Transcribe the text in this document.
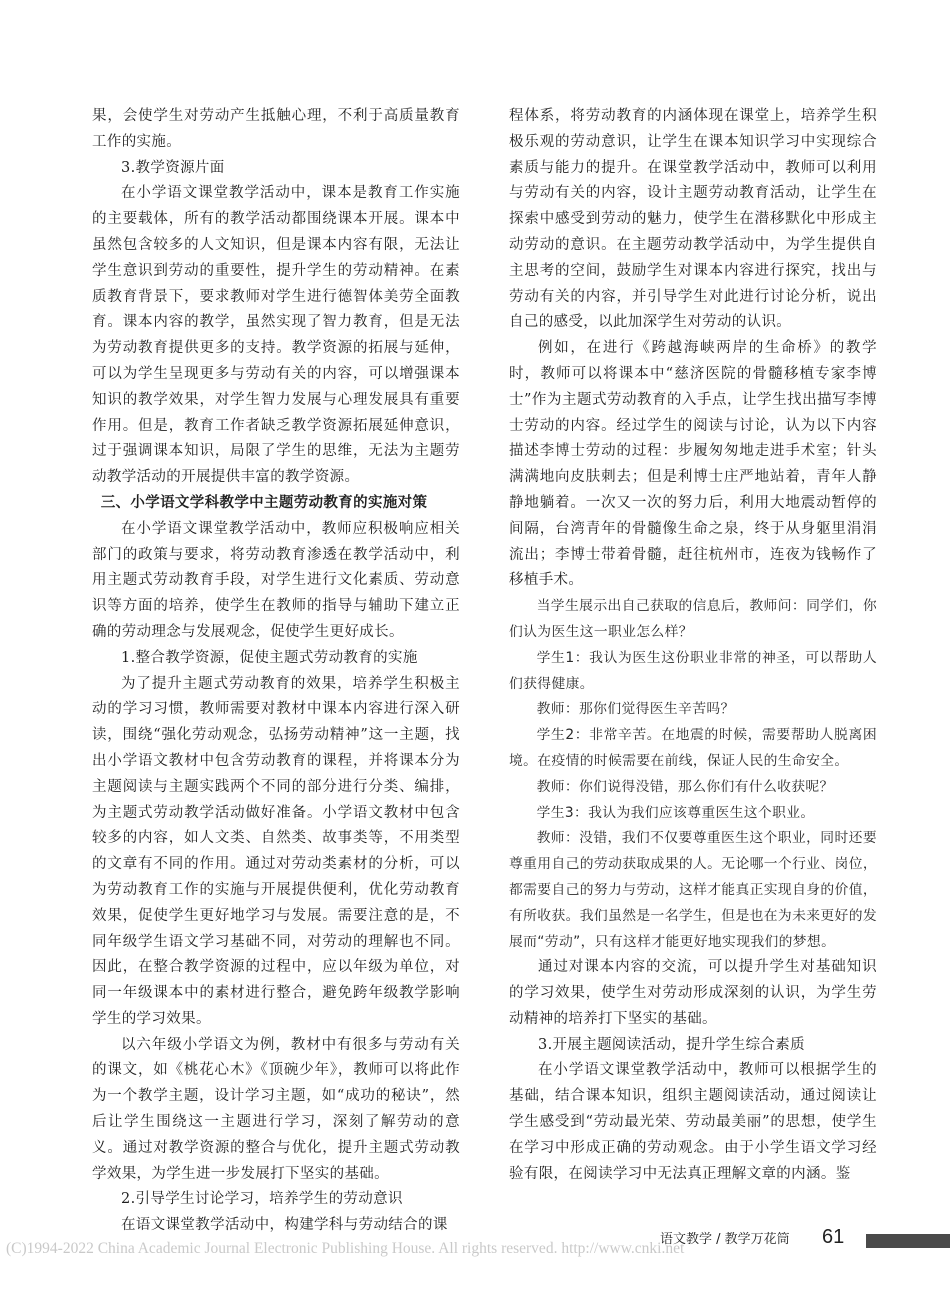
果，会使学生对劳动产生抵触心理，不利于高质量教育工作的实施。

3.教学资源片面

在小学语文课堂教学活动中，课本是教育工作实施的主要载体，所有的教学活动都围绕课本开展。课本中虽然包含较多的人文知识，但是课本内容有限，无法让学生意识到劳动的重要性，提升学生的劳动精神。在素质教育背景下，要求教师对学生进行德智体美劳全面教育。课本内容的教学，虽然实现了智力教育，但是无法为劳动教育提供更多的支持。教学资源的拓展与延伸，可以为学生呈现更多与劳动有关的内容，可以增强课本知识的教学效果，对学生智力发展与心理发展具有重要作用。但是，教育工作者缺乏教学资源拓展延伸意识，过于强调课本知识，局限了学生的思维，无法为主题劳动教学活动的开展提供丰富的教学资源。

三、小学语文学科教学中主题劳动教育的实施对策

在小学语文课堂教学活动中，教师应积极响应相关部门的政策与要求，将劳动教育渗透在教学活动中，利用主题式劳动教育手段，对学生进行文化素质、劳动意识等方面的培养，使学生在教师的指导与辅助下建立正确的劳动理念与发展观念，促使学生更好成长。

1.整合教学资源，促使主题式劳动教育的实施

为了提升主题式劳动教育的效果，培养学生积极主动的学习习惯，教师需要对教材中课本内容进行深入研读，围绕“强化劳动观念，弘扬劳动精神”这一主题，找出小学语文教材中包含劳动教育的课程，并将课本分为主题阅读与主题实践两个不同的部分进行分类、编排，为主题式劳动教学活动做好准备。小学语文教材中包含较多的内容，如人文类、自然类、故事类等，不用类型的文章有不同的作用。通过对劳动类素材的分析，可以为劳动教育工作的实施与开展提供便利，优化劳动教育效果，促使学生更好地学习与发展。需要注意的是，不同年级学生语文学习基础不同，对劳动的理解也不同。因此，在整合教学资源的过程中，应以年级为单位，对同一年级课本中的素材进行整合，避免跨年级教学影响学生的学习效果。

以六年级小学语文为例，教材中有很多与劳动有关的课文，如《桃花心木》《顶碗少年》，教师可以将此作为一个教学主题，设计学习主题，如“成功的秘诀”，然后让学生围绕这一主题进行学习，深刻了解劳动的意义。通过对教学资源的整合与优化，提升主题式劳动教学效果，为学生进一步发展打下坚实的基础。

2.引导学生讨论学习，培养学生的劳动意识

在语文课堂教学活动中，构建学科与劳动结合的课

程体系，将劳动教育的内涵体现在课堂上，培养学生积极乐观的劳动意识，让学生在课本知识学习中实现综合素质与能力的提升。在课堂教学活动中，教师可以利用与劳动有关的内容，设计主题劳动教育活动，让学生在探索中感受到劳动的魅力，使学生在潜移默化中形成主动劳动的意识。在主题劳动教学活动中，为学生提供自主思考的空间，鼓励学生对课本内容进行探究，找出与劳动有关的内容，并引导学生对此进行讨论分析，说出自己的感受，以此加深学生对劳动的认识。

例如，在进行《跨越海峡两岸的生命桥》的教学时，教师可以将课本中“慈济医院的骨髓移植专家李博士”作为主题式劳动教育的入手点，让学生找出描写李博士劳动的内容。经过学生的阅读与讨论，认为以下内容描述李博士劳动的过程：步履匆匆地走进手术室；针头满满地向皮肤刺去；但是利博士庄严地站着，青年人静静地躺着。一次又一次的努力后，利用大地震动暂停的间隔，台湾青年的骨髓像生命之泉，终于从身躯里涓涓流出；李博士带着骨髓，赶往杭州市，连夜为钱畅作了移植手术。

当学生展示出自己获取的信息后，教师问：同学们，你们认为医生这一职业怎么样？

学生1：我认为医生这份职业非常的神圣，可以帮助人们获得健康。

教师：那你们觉得医生辛苦吗？

学生2：非常辛苦。在地震的时候，需要帮助人脱离困境。在疫情的时候需要在前线，保证人民的生命安全。

教师：你们说得没错，那么你们有什么收获呢？

学生3：我认为我们应该尊重医生这个职业。

教师：没错，我们不仅要尊重医生这个职业，同时还要尊重用自己的劳动获取成果的人。无论哪一个行业、岗位，都需要自己的努力与劳动，这样才能真正实现自身的价值，有所收获。我们虽然是一名学生，但是也在为未来更好的发展而“劳动”，只有这样才能更好地实现我们的梦想。

通过对课本内容的交流，可以提升学生对基础知识的学习效果，使学生对劳动形成深刻的认识，为学生劳动精神的培养打下坚实的基础。

3.开展主题阅读活动，提升学生综合素质

在小学语文课堂教学活动中，教师可以根据学生的基础，结合课本知识，组织主题阅读活动，通过阅读让学生感受到“劳动最光荣、劳动最美丽”的思想，使学生在学习中形成正确的劳动观念。由于小学生语文学习经验有限，在阅读学习中无法真正理解文章的内涵。鉴

(C)1994-2022 China Academic Journal Electronic Publishing House. All rights reserved. http://www.cnki.net
语文教学 / 教学万花筒 61
